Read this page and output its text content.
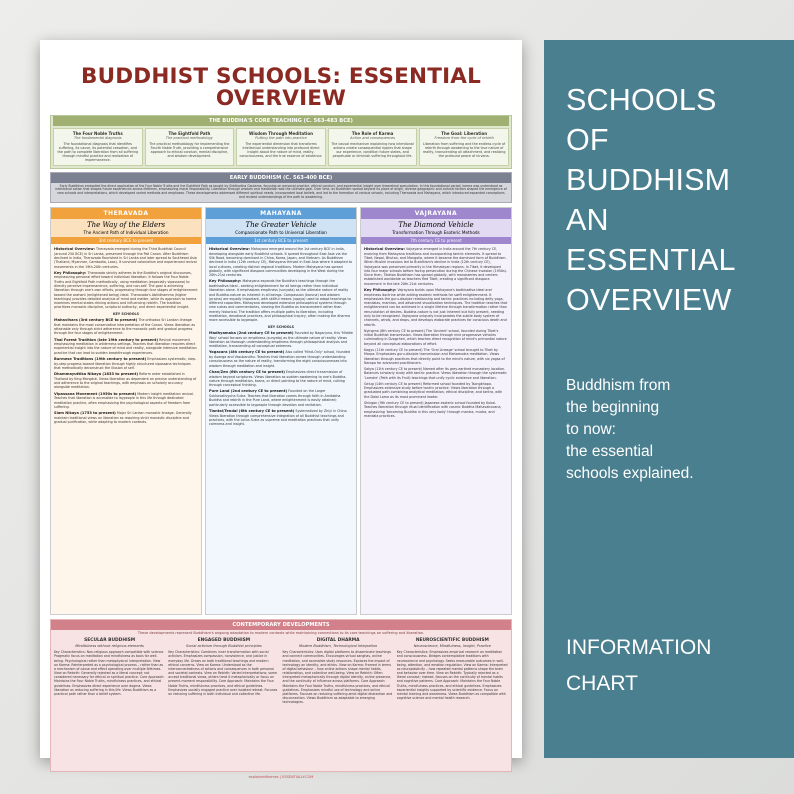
BUDDHIST SCHOOLS: ESSENTIAL OVERVIEW
THE BUDDHA'S CORE TEACHING (C. 563-483 BCE)
The Four Noble Truths
The fundamental diagnosis
The foundational diagnosis that identifies suffering, its cause, its potential cessation, and the path to complete liberation from all suffering through mindful practice and realization of impermanence.
The Eightfold Path
The practical methodology
The practical methodology for implementing the Fourth Noble Truth, providing a comprehensive approach to ethical conduct, mental discipline, and wisdom development.
Wisdom Through Meditation
Putting the path into practice
The experiential dimension that transforms intellectual understanding into profound direct insight about the nature of mind, reality, consciousness, and the true essence of existence.
The Role of Karma
Action and consequences
The causal mechanism explaining how intentional actions create consequential ripples that shape our experience, condition future states, and perpetuate or diminish suffering throughout life.
The Goal: Liberation
Freedom from the cycle of rebirth
Liberation from suffering and the endless cycle of rebirth through awakening to the true nature of reality, transcending all attachment, and realizing the profound peace of nirvana.
EARLY BUDDHISM (C. 563-400 BCE)
Early Buddhism embodied the direct application of the Four Noble Truths and the Eightfold Path as taught by Siddhartha Gautama, focusing on personal practice, ethical conduct, and experiential insight over theoretical speculation. In this foundational period, karma was understood as intentional action that shapes future experiences across lifetimes, emphasizing moral responsibility. Liberation through wisdom and meditation was the ultimate goal. Over time, as Buddhism spread beyond its place of origin, diverse geographic and cultural factors shaped the emergence of new schools and interpretations, which developed varied methods and emphases. These developments addressed different spiritual needs, incorporated local beliefs, and led to the formation of various schools, including Theravada and Mahayana, which introduced expanded conceptions and revised understandings of the path to awakening.
THERAVADA
The Way of the Elders
The Ancient Path of Individual Liberation
3rd century BCE to present

Historical Overview: Theravada emerged during the Third Buddhist Council (around 250 BCE) in Sri Lanka, preserved through the Pali Canon. After Buddhism declined in India, Theravada flourished in Sri Lanka and later spread to Southeast Asia (Thailand, Myanmar, Cambodia, Laos). It survived colonialism and experienced revival movements in the 19th-20th centuries.

Key Philosophy: Theravada strictly adheres to the Buddha's original discourses, emphasizing personal effort toward individual liberation. It follows the Four Noble Truths and Eightfold Path methodically, using meditation (especially vipassana) to directly perceive impermanence, suffering, and non-self. The goal is achieving liberation through one's own efforts, progressing through four stages of enlightenment toward the arahant (enlightened being) ideal. Theravada's Abhidhamma (higher teachings) provides detailed analysis of mind and matter, while its approach to karma examines mental states driving actions and influencing rebirth. The tradition prioritizes monastic discipline, scriptural authority, and direct experiential insight.

KEY SCHOOLS

Mahavihara (3rd century BCE to present) The orthodox Sri Lankan lineage that maintains the most conservative interpretation of the Canon. Views liberation as attainable only through strict adherence to the monastic path and gradual progress through the four stages of enlightenment.

Thai Forest Tradition (late 19th century to present) Revival movement emphasizing meditation in wilderness settings. Teaches that liberation requires direct experiential insight into the nature of mind and reality, alongside intensive meditation practice that can lead to sudden breakthrough experiences.

Burmese Traditions (19th century to present) Emphasizes systematic, step-by-step progress toward liberation through highly structured vipassana techniques that methodically deconstruct the illusion of self.

Dhammayuttika Nikaya (1833 to present) Reform order established in Thailand by King Mongkut. Views liberation as dependent on precise understanding of and adherence to the original teachings, with emphasis on scholarly accuracy alongside meditation.

Vipassana Movement (1950s to present) Modern insight meditation revival. Teaches that liberation is accessible to laypeople in this life through dedicated meditation practice, often emphasizing the psychological aspects of freedom from suffering.

Siam Nikaya (1753 to present) Major Sri Lankan monastic lineage. Generally maintain traditional views on liberation as requiring strict monastic discipline and gradual purification, while adapting to modern contexts.

MAHAYANA
The Greater Vehicle
Compassionate Path to Universal Liberation
1st century BCE to present

Historical Overview: Mahayana emerged around the 1st century BCE in India, developing alongside early Buddhist schools. It spread throughout East Asia via the Silk Road, becoming dominant in China, Korea, Japan, and Vietnam. As Buddhism declined in India (12th century CE), Mahayana thrived in East Asia where it adapted to local cultures, creating distinct regional traditions. Modern Mahayana has spread globally, with significant diaspora communities developing in the West during the 20th-21st centuries.

Key Philosophy: Mahayana expands the Buddha's teachings through the bodhisattva ideal - seeking enlightenment for all beings rather than individual liberation alone. It emphasizes emptiness (sunyata) as the ultimate nature of reality and Buddha-nature as inherent in all beings. Compassion (karuna) and wisdom (prajna) are equally important, with skillful means (upaya) used to adapt teachings to different capacities. Mahayana developed extensive philosophical systems through new sutras and commentaries, viewing the Buddha as transcendent rather than merely historical. The tradition offers multiple paths to liberation, including meditation, devotional practices, and philosophical inquiry, often making the dharma more accessible to laypeople.

KEY SCHOOLS

Madhyamaka (2nd century CE to present) Founded by Nagarjuna, this 'Middle Way' school focuses on emptiness (sunyata) as the ultimate nature of reality. Views liberation as thorough understanding emptiness through philosophical analysis and meditation, transcending all conceptual extremes.

Yogacara (4th century CE to present) Also called 'Mind-Only' school, founded by Asanga and Vasubandhu. Teaches that liberation comes through understanding consciousness as the nature of reality, transforming the eight consciousnesses into wisdom through meditation and insight.

Chan/Zen (6th century CE to present) Emphasizes direct transmission of wisdom beyond scriptures. Views liberation as sudden awakening to one's Buddha-nature through meditation, koans, or direct pointing to the nature of mind, cutting through conceptual thinking.

Pure Land (2nd century CE to present) Founded on the Larger Sukhavativyuha Sutra. Teaches that liberation comes through faith in Amitabha Buddha and rebirth in the Pure Land, where enlightenment is easily attained; particularly accessible to laypeople through devotion and recitation.

Tiantai/Tendai (6th century CE to present) Systematized by Zhiyi in China. Views liberation through comprehensive integration of all Buddhist teachings and practices, with the Lotus Sutra as supreme and meditation practices that unify calmness and insight.

VAJRAYANA
The Diamond Vehicle
Transformation Through Esoteric Methods
7th century CE to present

Historical Overview: Vajrayana emerged in India around the 7th century CE, evolving from Mahayana traditions and incorporating tantric elements. It spread to Tibet, Nepal, Bhutan, and Mongolia, where it became the dominant form of Buddhism. When Muslim invasions led to Buddhism's decline in India (12th century CE), Vajrayana was preserved primarily in the Himalayan regions. In Tibet, it developed into four major schools before facing persecution during the Chinese invasion (1950s). Since then, Tibetan Buddhism has spread globally, with monasteries and centers established worldwide as teachers fled Tibet, creating a significant diaspora movement in the late 20th-21st centuries.

Key Philosophy: Vajrayana builds upon Mahayana's bodhisattva ideal and emptiness doctrine while adding esoteric methods for swift enlightenment. It emphasizes the guru-disciple relationship and tantric practices including deity yoga, mandalas, mantras, and advanced visualization techniques. The tradition teaches that enlightenment can be achieved in a single lifetime through transformation rather than renunciation of desires. Buddha-nature is not just inherent but fully present, needing only to be recognized. Vajrayana uniquely incorporates the subtle body system of channels, winds, and drops, and develops elaborate practices for conscious death and rebirth.

Nyingma (8th century CE to present) The 'Ancient' school, founded during Tibet's initial Buddhist transmission. Views liberation through nine progressive vehicles culminating in Dzogchen, which teaches direct recognition of mind's primordial nature beyond all conceptual elaborations of effort.

Kagyu (11th century CE to present) The 'Oral Lineage' school brought to Tibet by Marpa. Emphasizes guru-disciple transmission and Mahamudra meditation. Views liberation through practices that directly point to the mind's nature, with six yogas of Naropa for advanced practitioners.

Sakya (11th century CE to present) Named after its grey-earthed monastery location. Balances scholarly study with tantric practice. Views liberation through the systematic 'Lamdre' (Path with its Fruit) teachings that unify cyclic existence and liberation.

Gelug (14th century CE to present) Reformed school founded by Tsongkhapa. Emphasizes extensive study before tantric practice. Views liberation through a graduated path combining analytical meditation, ethical discipline, and tantra, with the Dalai Lama as its most prominent leader.

Shingon (9th century CE to present) Japanese esoteric school founded by Kukai. Teaches liberation through ritual identification with cosmic Buddha Mahavairocana, emphasizing 'becoming Buddha in this very body' through mantra, mudra, and mandala practices.

CONTEMPORARY DEVELOPMENTS
These developments represent Buddhism's ongoing adaptation to modern contexts while maintaining connections to its core teachings on suffering and liberation.
SECULAR BUDDHISM
Mindfulness without religious elements
Key Characteristics: Non-religious approach compatible with science. Pragmatic focus on meditation and mindfulness as tools for well-being. Psychological rather than metaphysical interpretation. View on Karma: Reinterpreted as a psychological process – rather than as a mechanism of cause and effect operating over multiple lifetimes. View on Rebirth: Generally rejected as a literal concept; not considered necessary for ethical or spiritual practice. Core Approach: Maintains the Four Noble Truths, mindfulness practices, and ethical guidelines. Emphasizes direct experience over dogma. Views liberation as reducing suffering in this life. Views Buddhism as a practical path rather than a belief system.
ENGAGED BUDDHISM
Social activism through Buddhist principles
Key Characteristics: Combines inner transformation with social activism. Emphasizes compassion, nonviolence, and justice in everyday life. Draws on both traditional teachings and modern ethical concerns. View on Karma: Understood as the interconnectedness of actions and consequences in both personal and societal contexts. View on Rebirth: Varied interpretations; some accept traditional views, others treat it metaphorically or focus on present-moment responsibility. Core Approach: Maintains the Four Noble Truths, mindfulness practices, and ethical guidelines. Emphasizes socially engaged practice over isolated retreat. Focuses on reducing suffering in both individual and collective life.
DIGITAL DHARMA
Modern Buddhism, Technological Integration
Key Characteristics: Uses digital platforms to disseminate teachings and connect communities. Encourages virtual sanghas, online meditation, and accessible study resources. Explores the impact of technology on identity, and ethics. View on Karma: Framed in terms of digital behaviour – how online actions shape mental habits, relationships, and collective well-being. View on Rebirth: Often interpreted metaphorically through digital identity, online presence, and the continuity of influence across platforms. Core Approach: Maintains the Four Noble Truths, mindfulness practices, and ethical guidelines. Emphasizes mindful use of technology and online platforms. Focuses on reducing suffering amid digital distraction and disconnection. Views Buddhism as adaptable to emerging technologies.
NEUROSCIENTIFIC BUDDHISM
Neuroscience, Mindfulness, Insight, Practice
Key Characteristics: Emphasizes empirical research on meditation and consciousness. Bridges contemplative traditions with neuroscience and psychology. Seeks measurable outcomes in well-being, attention, and emotion regulation. View on Karma: Interpreted as neuroplasticity – how repeated mental patterns shape the brain and behavior over time. View on Rebirth: Typically rejected as a literal concept; instead, focuses on the continuity of mental habits and cognitive patterns. Core Approach: Maintains the Four Noble Truths, mindfulness practices, and ethical guidelines. Emphasizes experiential insights supported by scientific evidence. Focus on mental training and awareness. Views Buddhism as compatible with cognitive science and mental health research.
explainedthemes | ESSENTIALLY.COM
SCHOOLS
OF
BUDDHISM
AN
ESSENTIAL
OVERVIEW
Buddhism from
the beginning
to now:
the essential
schools explained.
INFORMATION
CHART
